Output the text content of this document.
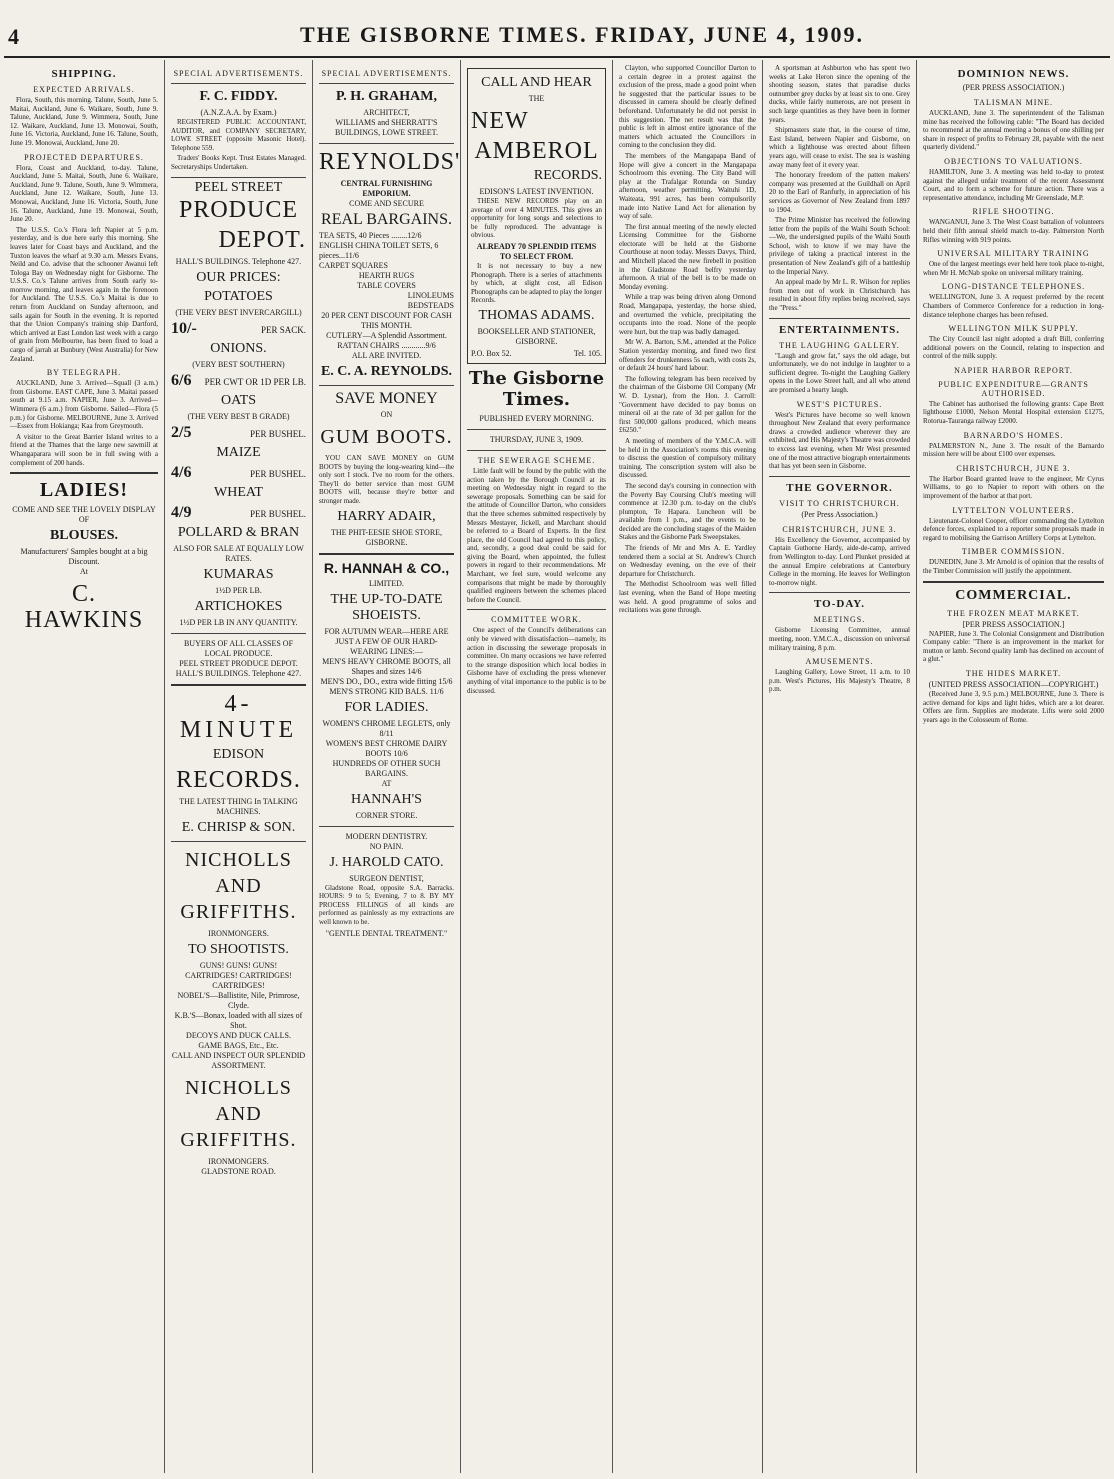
4	THE GISBORNE TIMES. FRIDAY, JUNE 4, 1909.
SHIPPING.
EXPECTED ARRIVALS.

Flora, South, this morning. Talune, South, June 5. Maitai, Auckland, June 6. Waikare, South, June 9. Talune, Auckland, June 9. Wimmera, South, June 12. Waikare, Auckland, June 13. Monowai, South, June 16. Victoria, Auckland, June 16. Talune, South, June 19. Monowai, Auckland, June 20.

PROJECTED DEPARTURES.

Flora, Coast and Auckland, to-day. Talune, Auckland, June 5. Maitai, South, June 6. Waikare, Auckland, June 9. Talune, South, June 9. Wimmera, Auckland, June 12. Waikare, South, June 13. Monowai, Auckland, June 16. Victoria, South, June 16. Talune, Auckland, June 19. Monowai, South, June 20.

The U.S.S. Co.'s Flora left Napier at 5 p.m. yesterday, and is due here early this morning. She leaves later for Coast bays and Auckland, and the Tuxton leaves the wharf at 9.30 a.m. Messrs Evans, Neild and Co. advise that the schooner Awanui left Tologa Bay on Wednesday night for Gisborne. The U.S.S. Co.'s Talune arrives from South early to-morrow morning, and leaves again in the forenoon for Auckland. The U.S.S. Co.'s Maitai is due to return from Auckland on Sunday afternoon, and sails again for South in the evening. It is reported that the Union Company's training ship Dartford, which arrived at East London last week with a cargo of grain from Melbourne, has been fixed to load a cargo of jarrah at Bunbury (West Australia) for New Zealand.

BY TELEGRAPH.

AUCKLAND, June 3. Arrived—Squall (3 a.m.) from Gisborne. EAST CAPE, June 3. Maitai passed south at 9.15 a.m. NAPIER, June 3. Arrived—Wimmera (6 a.m.) from Gisborne. Sailed—Flora (5 p.m.) for Gisborne. MELBOURNE, June 3. Arrived—Essex from Hokianga; Kaa from Greymouth.

A visitor to the Great Barrier Island writes to a friend at the Thames that the large new sawmill at Whangaparara will soon be in full swing with a complement of 200 hands.

LADIES!
COME AND SEE THE LOVELY DISPLAY OF
BLOUSES.
Manufacturers' Samples bought at a big Discount.
At
C. HAWKINS
SPECIAL ADVERTISEMENTS.
F. C. FIDDY.
(A.N.Z.A.A. by Exam.)

REGISTERED PUBLIC ACCOUNTANT, AUDITOR, and COMPANY SECRETARY, LOWE STREET (opposite Masonic Hotel). Telephone 559.

Traders' Books Kept. Trust Estates Managed. Secretaryships Undertaken.

PEEL STREET
PRODUCE
DEPOT.
HALL'S BUILDINGS. Telephone 427.
OUR PRICES:
POTATOES
(THE VERY BEST INVERCARGILL)
10/-	PER SACK.
ONIONS.
(VERY BEST SOUTHERN)
6/6 PER CWT OR 1D PER LB.
OATS
(THE VERY BEST B GRADE)
2/5	PER BUSHEL.
MAIZE
4/6	PER BUSHEL.
WHEAT
4/9	PER BUSHEL.
POLLARD & BRAN
ALSO FOR SALE AT EQUALLY LOW RATES.
KUMARAS
1½D PER LB.
ARTICHOKES
1½D PER LB IN ANY QUANTITY.
BUYERS OF ALL CLASSES OF LOCAL PRODUCE.
PEEL STREET PRODUCE DEPOT. HALL'S BUILDINGS. Telephone 427.
4-MINUTE
EDISON
RECORDS.
THE LATEST THING In TALKING MACHINES.
E. CHRISP & SON.
NICHOLLS AND GRIFFITHS.
IRONMONGERS.
TO SHOOTISTS.
GUNS! GUNS! GUNS!
CARTRIDGES! CARTRIDGES! CARTRIDGES!
NOBEL'S—Ballistite, Nile, Primrose, Clyde.
K.B.'S—Bonax, loaded with all sizes of Shot.
DECOYS AND DUCK CALLS.
GAME BAGS, Etc., Etc.
CALL AND INSPECT OUR SPLENDID ASSORTMENT.
NICHOLLS AND GRIFFITHS.
IRONMONGERS.
GLADSTONE ROAD.
SPECIAL ADVERTISEMENTS.
P. H. GRAHAM,
ARCHITECT,
WILLIAMS and SHERRATT'S BUILDINGS, LOWE STREET.
REYNOLDS'
CENTRAL FURNISHING EMPORIUM.
COME AND SECURE
REAL BARGAINS.
TEA SETS, 40 Pieces ........12/6
ENGLISH CHINA TOILET SETS, 6 pieces...11/6
CARPET SQUARES
HEARTH RUGS
TABLE COVERS
LINOLEUMS
BEDSTEADS
20 PER CENT DISCOUNT FOR CASH THIS MONTH.
CUTLERY—A Splendid Assortment.
RATTAN CHAIRS ............9/6
ALL ARE INVITED.
E. C. A. REYNOLDS.
SAVE MONEY
ON
GUM BOOTS.

YOU CAN SAVE MONEY on GUM BOOTS by buying the long-wearing kind—the only sort I stock. I've no room for the others. They'll do better service than most GUM BOOTS will, because they're better and stronger made.

HARRY ADAIR,
THE PHIT-EESIE SHOE STORE, GISBORNE.
R. HANNAH & CO.,
LIMITED.
THE UP-TO-DATE SHOEISTS.
FOR AUTUMN WEAR—HERE ARE JUST A FEW OF OUR HARD-WEARING LINES:—
MEN'S HEAVY CHROME BOOTS, all Shapes and sizes 14/6
MEN'S DO., DO., extra wide fitting 15/6
MEN'S STRONG KID BALS. 11/6
FOR LADIES.
WOMEN'S CHROME LEGLETS, only 8/11
WOMEN'S BEST CHROME DAIRY BOOTS 10/6
HUNDREDS OF OTHER SUCH BARGAINS.
AT
HANNAH'S
CORNER STORE.
MODERN DENTISTRY.
NO PAIN.
J. HAROLD CATO.
SURGEON DENTIST,

Gladstone Road, opposite S.A. Barracks. HOURS: 9 to 5; Evening, 7 to 8. BY MY PROCESS FILLINGS of all kinds are performed as painlessly as my extractions are well known to be.

"GENTLE DENTAL TREATMENT."
CALL AND HEAR
THE
NEW
AMBEROL
RECORDS.
EDISON'S LATEST INVENTION.

THESE NEW RECORDS play on an average of over 4 MINUTES. This gives an opportunity for long songs and selections to be fully reproduced. The advantage is obvious.

ALREADY 70 SPLENDID ITEMS TO SELECT FROM.

It is not necessary to buy a new Phonograph. There is a series of attachments by which, at slight cost, all Edison Phonographs can be adapted to play the longer Records.

THOMAS ADAMS.
BOOKSELLER AND STATIONER, GISBORNE.
P.O. Box 52.	Tel. 105.
The Gisborne Times.
PUBLISHED EVERY MORNING.
THURSDAY, JUNE 3, 1909.
THE SEWERAGE SCHEME.

Little fault will be found by the public with the action taken by the Borough Council at its meeting on Wednesday night in regard to the sewerage proposals. Something can be said for the attitude of Councillor Darton, who considers that the three schemes submitted respectively by Messrs Mestayer, Jickell, and Marchant should be referred to a Board of Experts. In the first place, the old Council had agreed to this policy, and, secondly, a good deal could be said for giving the Board, when appointed, the fullest powers in regard to their recommendations. Mr Marchant, we feel sure, would welcome any comparisons that might be made by thoroughly qualified engineers between the schemes placed before the Council.

COMMITTEE WORK.

One aspect of the Council's deliberations can only be viewed with dissatisfaction—namely, its action in discussing the sewerage proposals in committee. On many occasions we have referred to the strange disposition which local bodies in Gisborne have of excluding the press whenever anything of vital importance to the public is to be discussed.

Clayton, who supported Councillor Darton to a certain degree in a protest against the exclusion of the press, made a good point when he suggested that the particular issues to be discussed in camera should be clearly defined beforehand. Unfortunately he did not persist in this suggestion. The net result was that the public is left in almost entire ignorance of the matters which actuated the Councillors in coming to the conclusion they did.

The members of the Mangapapa Band of Hope will give a concert in the Mangapapa Schoolroom this evening. The City Band will play at the Trafalgar Rotunda on Sunday afternoon, weather permitting. Waituhi 1D, Waiteata, 991 acres, has been compulsorily made into Native Land Act for alienation by way of sale.

The first annual meeting of the newly elected Licensing Committee for the Gisborne electorate will be held at the Gisborne Courthouse at noon today. Messrs Davys, Third, and Mitchell placed the new firebell in position in the Gladstone Road belfry yesterday afternoon. A trial of the bell is to be made on Monday evening.

While a trap was being driven along Ormond Road, Mangapapa, yesterday, the horse shied, and overturned the vehicle, precipitating the occupants into the road. None of the people were hurt, but the trap was badly damaged.

Mr W. A. Barton, S.M., attended at the Police Station yesterday morning, and fined two first offenders for drunkenness 5s each, with costs 2s, or default 24 hours' hard labour.

The following telegram has been received by the chairman of the Gisborne Oil Company (Mr W. D. Lysnar), from the Hon. J. Carroll: "Government have decided to pay bonus on mineral oil at the rate of 3d per gallon for the first 500,000 gallons produced, which means £6250."

A meeting of members of the Y.M.C.A. will be held in the Association's rooms this evening to discuss the question of compulsory military training. The conscription system will also be discussed.

The second day's coursing in connection with the Poverty Bay Coursing Club's meeting will commence at 12.30 p.m. to-day on the club's plumpton, Te Hapara. Luncheon will be available from 1 p.m., and the events to be decided are the concluding stages of the Maiden Stakes and the Gisborne Park Sweepstakes.

The friends of Mr and Mrs A. E. Yardley tendered them a social at St. Andrew's Church on Wednesday evening, on the eve of their departure for Christchurch.

The Methodist Schoolroom was well filled last evening, when the Band of Hope meeting was held. A good programme of solos and recitations was gone through.

A sportsman at Ashburton who has spent two weeks at Lake Heron since the opening of the shooting season, states that paradise ducks outnumber grey ducks by at least six to one. Grey ducks, while fairly numerous, are not present in such large quantities as they have been in former years.

Shipmasters state that, in the course of time, East Island, between Napier and Gisborne, on which a lighthouse was erected about fifteen years ago, will cease to exist. The sea is washing away many feet of it every year.

The honorary freedom of the patten makers' company was presented at the Guildhall on April 20 to the Earl of Ranfurly, in appreciation of his services as Governor of New Zealand from 1897 to 1904.

The Prime Minister has received the following letter from the pupils of the Waihi South School:—We, the undersigned pupils of the Waihi South School, wish to know if we may have the privilege of taking a practical interest in the presentation of New Zealand's gift of a battleship to the Imperial Navy.

An appeal made by Mr L. R. Wilson for replies from men out of work in Christchurch has resulted in about fifty replies being received, says the "Press."

ENTERTAINMENTS.
THE LAUGHING GALLERY.

"Laugh and grow fat," says the old adage, but unfortunately, we do not indulge in laughter to a sufficient degree. To-night the Laughing Gallery opens in the Lowe Street hall, and all who attend are promised a hearty laugh.

WEST'S PICTURES.

West's Pictures have become so well known throughout New Zealand that every performance draws a crowded audience wherever they are exhibited, and His Majesty's Theatre was crowded to excess last evening, when Mr West presented one of the most attractive biograph entertainments that has yet been seen in Gisborne.

THE GOVERNOR.
VISIT TO CHRISTCHURCH.
(Per Press Association.)
CHRISTCHURCH, JUNE 3.

His Excellency the Governor, accompanied by Captain Guthorne Hardy, aide-de-camp, arrived from Wellington to-day. Lord Plunket presided at the annual Empire celebrations at Canterbury College in the morning. He leaves for Wellington to-morrow night.

TO-DAY.
MEETINGS.

Gisborne Licensing Committee, annual meeting, noon. Y.M.C.A., discussion on universal military training, 8 p.m.

AMUSEMENTS.

Laughing Gallery, Lowe Street, 11 a.m. to 10 p.m. West's Pictures, His Majesty's Theatre, 8 p.m.

DOMINION NEWS.
(PER PRESS ASSOCIATION.)
TALISMAN MINE.

AUCKLAND, June 3. The superintendent of the Talisman mine has received the following cable: "The Board has decided to recommend at the annual meeting a bonus of one shilling per share in respect of profits to February 28, payable with the next quarterly dividend."

OBJECTIONS TO VALUATIONS.

HAMILTON, June 3. A meeting was held to-day to protest against the alleged unfair treatment of the recent Assessment Court, and to form a scheme for future action. There was a representative attendance, including Mr Greenslade, M.P.

RIFLE SHOOTING.

WANGANUI, June 3. The West Coast battalion of volunteers held their fifth annual shield match to-day. Palmerston North Rifles winning with 919 points.

UNIVERSAL MILITARY TRAINING

One of the largest meetings ever held here took place to-night, when Mr H. McNab spoke on universal military training.

LONG-DISTANCE TELEPHONES.

WELLINGTON, June 3. A request preferred by the recent Chambers of Commerce Conference for a reduction in long-distance telephone charges has been refused.

WELLINGTON MILK SUPPLY.

The City Council last night adopted a draft Bill, conferring additional powers on the Council, relating to inspection and control of the milk supply.

NAPIER HARBOR REPORT.
PUBLIC EXPENDITURE—GRANTS AUTHORISED.

The Cabinet has authorised the following grants: Cape Brett lighthouse £1000, Nelson Mental Hospital extension £1275, Rotorua-Tauranga railway £2000.

BARNARDO'S HOMES.

PALMERSTON N., June 3. The result of the Barnardo mission here will be about £100 over expenses.

CHRISTCHURCH, JUNE 3.

The Harbor Board granted leave to the engineer, Mr Cyrus Williams, to go to Napier to report with others on the improvement of the harbor at that port.

LYTTELTON VOLUNTEERS.

Lieutenant-Colonel Cooper, officer commanding the Lyttelton defence forces, explained to a reporter some proposals made in regard to mobilising the Garrison Artillery Corps at Lyttelton.

TIMBER COMMISSION.

DUNEDIN, June 3. Mr Arnold is of opinion that the results of the Timber Commission will justify the appointment.

COMMERCIAL.
THE FROZEN MEAT MARKET.
[PER PRESS ASSOCIATION.]

NAPIER, June 3. The Colonial Consignment and Distribution Company cable: "There is an improvement in the market for mutton or lamb. Second quality lamb has declined on account of a glut."

THE HIDES MARKET.
(UNITED PRESS ASSOCIATION—COPYRIGHT.)

(Received June 3, 9.5 p.m.) MELBOURNE, June 3. There is active demand for kips and light hides, which are a lot dearer. Offers are firm. Supplies are moderate. Lifts were sold 2000 years ago in the Colosseum of Rome.
